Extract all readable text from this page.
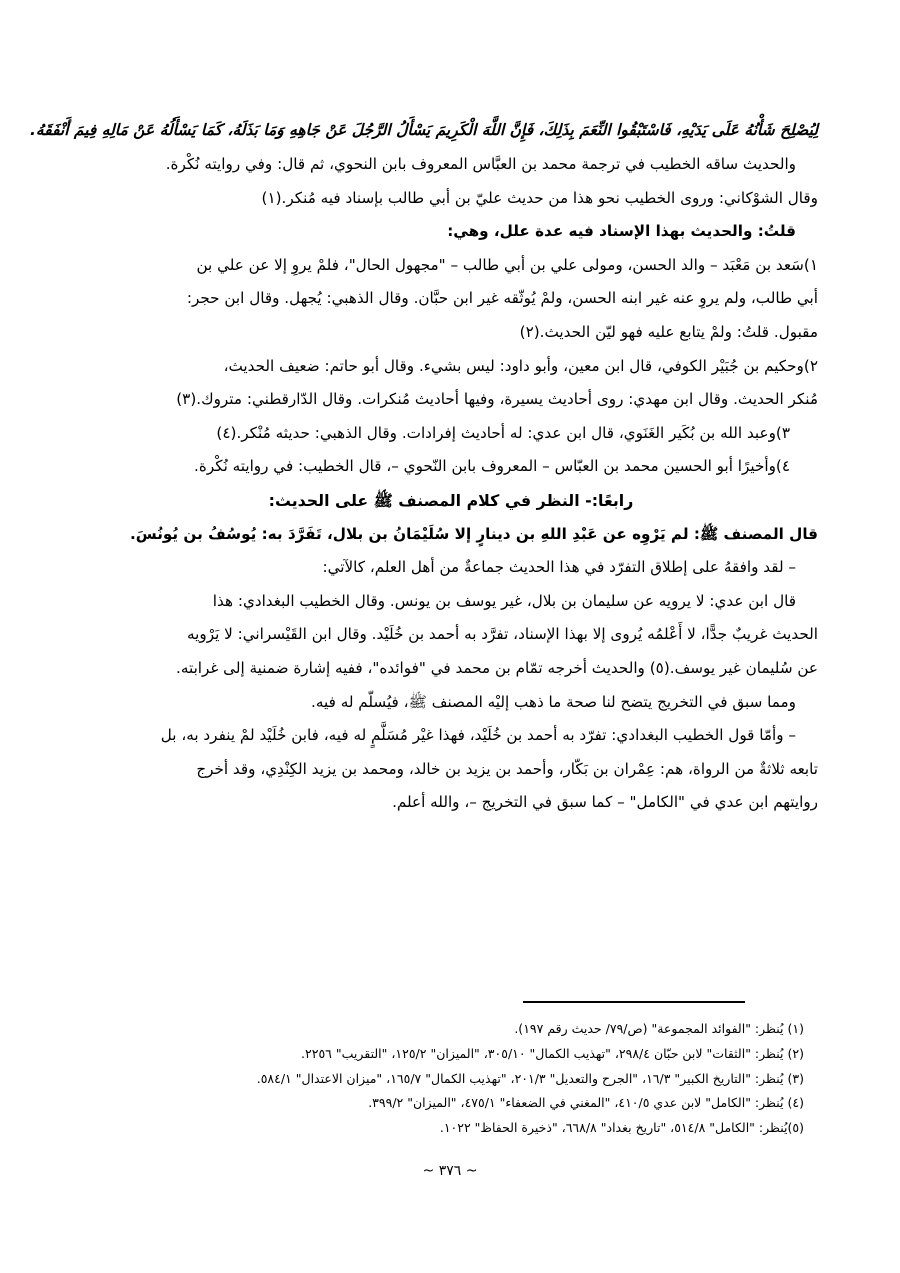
لِيُصْلِحَ شَأْنُهُ عَلَى يَدَيْهِ، فَاسْتَبْقُوا النِّعَمَ بِذَلِكَ، فَإِنَّ اللَّهَ الْكَرِيمَ يَسْأَلُ الرَّجُلَ عَنْ جَاهِهِ وَمَا بَذَلَهُ، كَمَا يَسْأَلُهُ عَنْ مَالِهِ فِيمَ أَنْفَقَهُ.
والحديث ساقه الخطيب في ترجمة محمد بن العبَّاس المعروف بابن النحوي، ثم قال: وفي روايته نُكْرة.
وقال الشوْكاني: وروى الخطيب نحو هذا من حديث عليّ بن أبي طالب بإسناد فيه مُنكر.(١)
قلتُ: والحديث بهذا الإسناد فيه عدة علل، وهي:
١)سَعد بن مَعْبَد – والد الحسن، ومولى علي بن أبي طالب – "مجهول الحال"، فلمْ يروِ إلا عن علي بن
أبي طالب، ولم يروِ عنه غير ابنه الحسن، ولمْ يُوثّقه غير ابن حبَّان. وقال الذهبي: يُجهل. وقال ابن حجر:
مقبول. قلتُ: ولمْ يتابع عليه فهو ليّن الحديث.(٢)
٢)وحكيم بن جُبَيْر الكوفي، قال ابن معين، وأبو داود: ليس بشيء. وقال أبو حاتم: ضعيف الحديث،
مُنكر الحديث. وقال ابن مهدي: روى أحاديث يسيرة، وفيها أحاديث مُنكرات. وقال الدّارقطني: متروك.(٣)
٣)وعبد الله بن بُكَير الغَنَوي، قال ابن عدي: له أحاديث إفرادات. وقال الذهبي: حديثه مُنْكر.(٤)
٤)وأخيرًا أبو الحسين محمد بن العبّاس – المعروف بابن النّحوي –، قال الخطيب: في روايته نُكْرة.
رابعًا:- النظر في كلام المصنف ﷺ على الحديث:
قال المصنف ﷺ: لم يَرْوِه عن عَبْدِ اللهِ بن دينارٍ إلا سُلَيْمَانُ بن بلال، تَفَرَّدَ به: يُوسُفُ بن يُونُسَ.
– لقد وافقهُ على إطلاق التفرّد في هذا الحديث جماعةٌ من أهل العلم، كالآتي:
قال ابن عدي: لا يرويه عن سليمان بن بلال، غير يوسف بن يونس. وقال الخطيب البغدادي: هذا
الحديث غريبٌ جدًّا، لا أَعْلمُه يُروى إلا بهذا الإسناد، تفرَّد به أحمد بن خُلَيْد. وقال ابن القَيْسراني: لا يَرْويه
عن سُليمان غير يوسف.(٥) والحديث أخرجه تمّام بن محمد في "فوائده"، ففيه إشارة ضمنية إلى غرابته.
ومما سبق في التخريج يتضح لنا صحة ما ذهب إليْه المصنف ﷺ، فيُسلّم له فيه.
– وأمّا قول الخطيب البغدادي: تفرّد به أحمد بن خُلَيْد، فهذا غيْر مُسَلَّمٍ له فيه، فابن خُلَيْد لمْ ينفرد به، بل
تابعه ثلاثةٌ من الرواة، هم: عِمْران بن بَكّار، وأحمد بن يزيد بن خالد، ومحمد بن يزيد الكِنْدِي، وقد أخرج
روايتهم ابن عدي في "الكامل" – كما سبق في التخريج –، والله أعلم.
(١) يُنظر: "الفوائد المجموعة" (ص/٧٩/ حديث رقم ١٩٧).
(٢) يُنظر: "الثقات" لابن حبّان ٢٩٨/٤، "تهذيب الكمال" ٣٠٥/١٠، "الميزان" ١٢٥/٢، "التقريب" ٢٢٥٦.
(٣) يُنظر: "التاريخ الكبير" ١٦/٣، "الجرح والتعديل" ٢٠١/٣، "تهذيب الكمال" ١٦٥/٧، "ميزان الاعتدال" ٥٨٤/١.
(٤) يُنظر: "الكامل" لابن عدي ٤١٠/٥، "المغني في الضعفاء" ٤٧٥/١، "الميزان" ٣٩٩/٢.
(٥)يُنظر: "الكامل" ٥١٤/٨، "تاريخ بغداد" ٦٦٨/٨، "ذخيرة الحفاظ" ١٠٢٢.
~ ٣٧٦ ~
